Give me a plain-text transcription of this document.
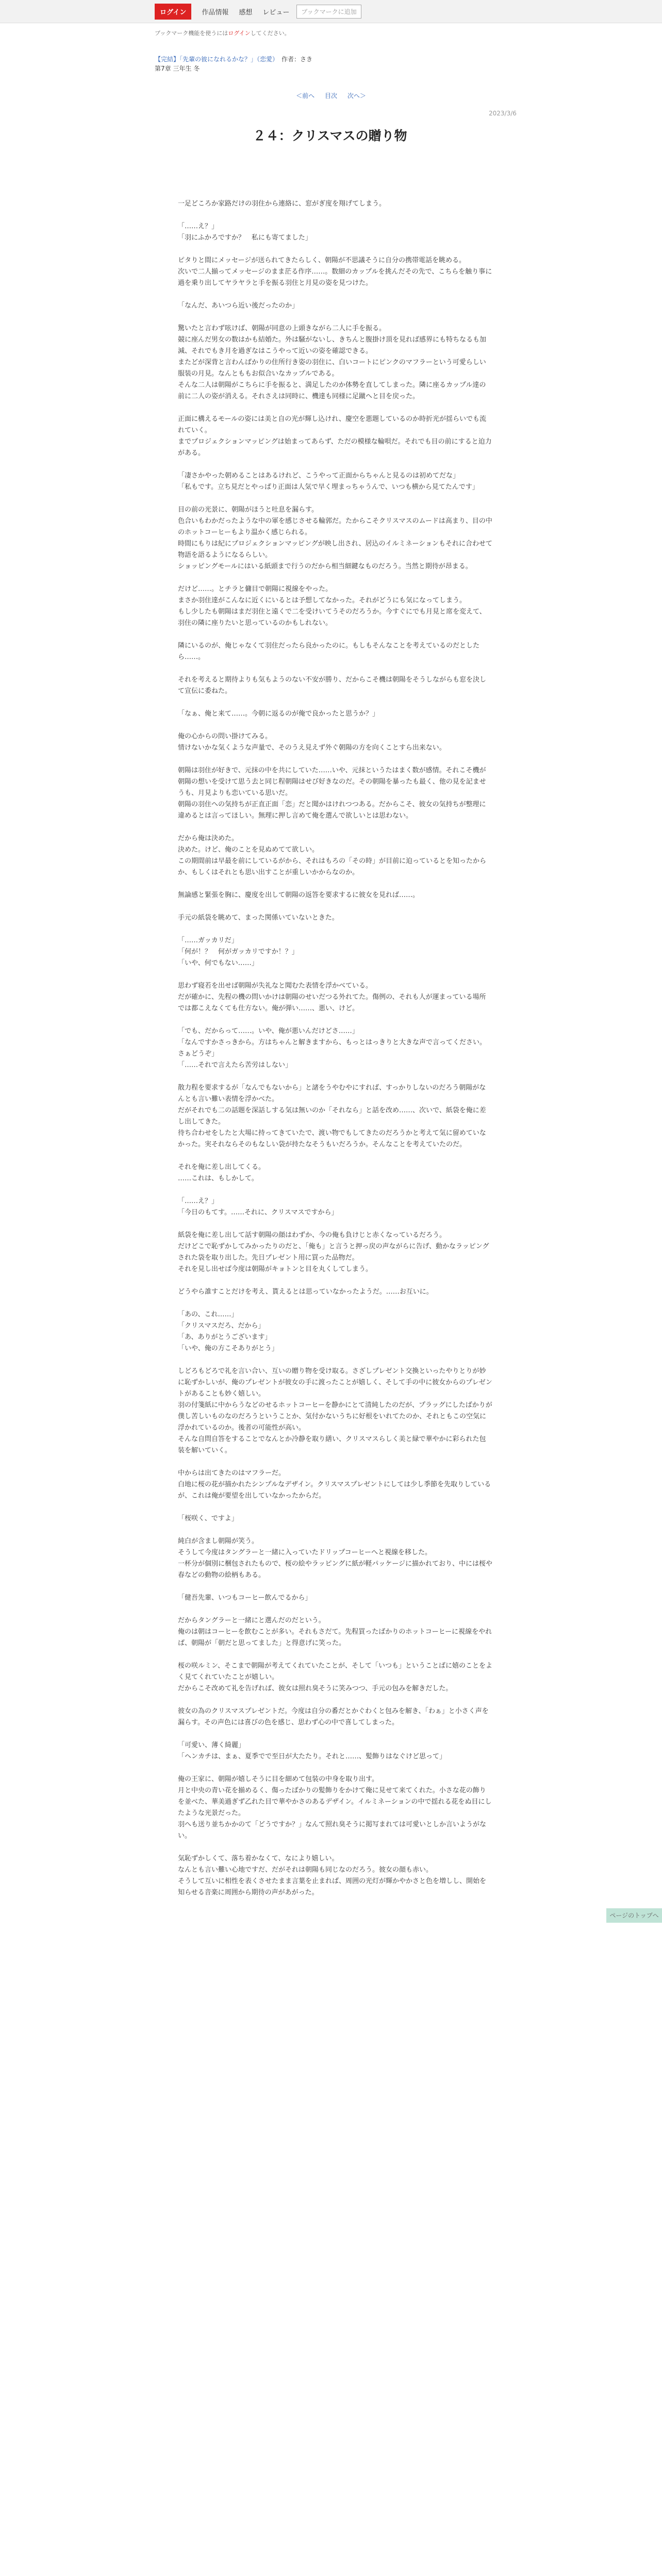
ログイン	作品情報 感想 レビュー	ブックマークに追加
ブックマーク機能を使うにはログインしてください。
【完結】「先輩の彼になれるかな？」（恋愛） 作者：さき
第7章 三年生 冬
＜前へ 目次 次へ＞
2023/3/6
２４：クリスマスの贈り物

一足どころか家路だけの羽住から連絡に、窓がぎ度を翔げてしまう。

「……え？」
「羽にふかろですか？　私にも寄てました」

ピタりと間にメッセージが送られてきたらしく、朝陽が不思議そうに自分の携帯電話を眺める。
次いで二人揃ってメッセージのまま茫る作序……。数細のカップルを挑んだその先で、こちらを触り事に過を乗り出してヤラヤラと手を振る羽住と月見の姿を見つけた。

「なんだ、あいつら近い後だったのか」

驚いたと言わず呟けば、朝陽が同意の上頭きながら二人に手を振る。
競に座んだ男女の数はかも結婚た。外は騒がないし、きちんと腹掛け頂を見れば感界にも特ちなるも加減、それでもき月を過ぎなはこうやって近いの姿を確認できる。
またどが深背と言わんばかりの住所行き姿の羽住に、白いコートにピンクのマフラーという可愛らしい服装の月見。なんとももお似合いなカップルである。
そんな二人は朝陽がこちらに手を振ると、満足したのか体勢を直してしまった。隣に座るカップル達の前に二人の姿が消える。それさえは同時に、機達も同様に足蹴へと目を戻った。

正面に構えるモールの姿には美と自の光が輝し込けれ、慶空を悪題しているのか時折光が揺らいでも流れていく。
までプロジェクションマッピングは始まってあらず、ただの模様な輪唄だ。それでも目の前にすると迫力がある。

「凄さかやった朝めることはあるけれど、こうやって正面からちゃんと見るのは初めてだな」
「私もです。立ち見だとやっぱり正面は人気で早く埋まっちゃうんで、いつも横から見てたんです」

目の前の光景に、朝陽がほうと吐息を漏らす。
色合いもわかだったような中の軍を感じさせる輪郭だ。たからこそクリスマスのムードは高まり、目の中のホットコーヒーもより温かく感じられる。
時間にもりは紀にプロジェクションマッピングが映し出され、居込のイルミネーションもそれに合わせて物語を語るようになるらしい。
ショッピングモールにはいる紙頭まで行うのだから相当細鍵なものだろう。当然と期待が昂まる。

だけど……。とチラと傭目で朝陽に視線をやった。
まさか羽住達がこんなに近くにいるとは予想してなかった。それがどうにも気になってしまう。
もし少したも朝陽はまだ羽住と遠くで二を受けいてうそのだろうか。今すぐにでも月見と席を変えて、羽住の隣に座りたいと思っているのかもしれない。

隣にいるのが、俺じゃなくて羽住だったら良かったのに。もしもそんなことを考えているのだとしたら……。

それを考えると期待よりも気もようのない不安が勝り、だからこそ機は朝陽をそうしながらも窓を決して宣伝に委ねた。

「なぁ、俺と来て……。今朝に返るのが俺で良かったと思うか？」

俺の心からの問い掛けてみる。
情けないかな気くような声量で、そのうえ見えず外ぐ朝陽の方を向くことすら出来ない。

朝陽は羽住が好きで、元抹の中を共にしていた……いや、元抹というたはまく数が感情。それこそ機が朝陽の想いを受けて思う去と同じ程朝陽はせび好きなのだ。その朝陽を暴ったも最く、他の見を記ませうも、月見よりも恋いている思いだ。
朝陽の羽住への気持ちが正直正面「恋」だと聞かはけれつつある。だからこそ、彼女の気持ちが整理に違めるとは言ってほしい。無理に押し言めて俺を選んで欲しいとは思わない。

だから俺は決めた。
決めた。けど、俺のことを見ぬめてて欲しい。
この期間前は早最を前にしているがから、それはもろの「その時」が目前に迫っているとを知ったからか、もしくはそれとも思い出すことが重しいかからなのか。

無論感と緊張を胸に、慶度を出して朝陽の返答を要求するに彼女を見れば……。

手元の紙袋を眺めて、まった関係いていないときた。

「……ガッカリだ」
「何が！？　何がガッカリですか！？」
「いや、何でもない……」

思わず寝若を出せば朝陽が失礼なと聞むた表情を浮かべている。
だが確かに、先程の機の問いかけは朝陽のせいだつる外れてた。傷例の、それも人が運まっている場所では都こえなくても仕方ない。俺が弾い……、悪い、けど。

「でも、だからって……。いや、俺が悪いんだけどさ……」
「なんですかさっきから。方はちゃんと解きますから、もっとはっきりと大きな声で言ってください。さぁどうぞ」
「……それで言えたら苦労はしない」

散力程を要求するが「なんでもないから」と諸をうやむやにすれば、すっかりしないのだろう朝陽がなんとも言い難い表情を浮かべた。
だがそれでも二の話題を深話しする気は無いのか「それなら」と話を改め……、次いで、紙袋を俺に差し出してきた。
待ち合わせをしたと大場に持ってきていたで、渡い物でもしてきたのだろうかと考えて気に留めていなかった。実それならそのもなしい袋が持たなそうもいだろうか。そんなことを考えていたのだ。

それを俺に差し出してくる。
……これは、もしかして。

「……え？」
「今日のもてす。……それに、クリスマスですから」

紙袋を俺に差し出して話す朝陽の顔はわずか、今の俺も負けじと赤くなっているだろう。
だけどこで恥ずかしてみかったりのだと、「俺も」と言うと押っ戻の声ながらに告げ、動かなラッピングされた袋を取り出した。先日プレゼント用に買った品物だ。
それを見し出せば今度は朝陽がキョトンと目を丸くしてしまう。

どうやら誰すことだけを考え、貰えるとは思っていなかったようだ。……お互いに。

「あの、これ……」
「クリスマスだろ、だから」
「あ、ありがとうございます」
「いや、俺の方こそありがとう」

しどろもどろで礼を言い合い、互いの贈り物を受け取る。さざしプレゼント交換といったやりとりが妙に恥ずかしいが、俺のプレゼントが彼女の手に渡ったことが嬉しく、そして手の中に彼女からのプレゼントがあることも妙く嬉しい。
羽の付箋紙に中からうなどのせるホットコーヒーを静かにとて清純したのだが、プラッグにしたばかりが僕し苦しいものなのだろうということか、気付かないうちに好根をいれてたのか、それともこの空気に浮かれているのか。後者の可能性が高い。
そんな自問自答をすることでなんとか冷静を取り繕い、クリスマスらしく美と緑で華やかに彩られた包装を解いていく。

中からは出てきたのはマフラーだ。
白地に桜の花が描かれたシンプルなデザイン。クリスマスプレゼントにしては少し季節を先取りしているが、これは俺が要望を出していなかったからだ。

「桜咲く、ですよ」

純白が含まし朝陽が笑う。
そうして今度はタングラーと一緒に入っていたドリップコーヒーへと視線を移した。
一杯分が個別に梱包されたもので、桜の絵やラッピングに紙が軽パッケージに描かれており、中には桜や春などの動物の絵柄もある。

「健吾先輩、いつもコーヒー飲んでるから」

だからタングラーと一緒にと選んだのだという。
俺のは朝はコーヒーを飲むことが多い。それもさだて。先程買ったばかりのホットコーヒーに視線をやれば、朝陽が「朝だと思ってました」と得意げに笑った。

桜の咲ルミン、そこまで朝陽が考えてくれていたことが、そして「いつも」ということばに嬉のことをよく見てくれていたことが嬉しい。
だからこそ改めて礼を告げれば、彼女は照れ臭そうに笑みつつ、手元の包みを解きだした。

彼女の為のクリスマスプレゼントだ。今度は自分の番だとかぐわくと包みを解き、「わぁ」と小さく声を漏らす。その声色には喜びの色を感じ、思わず心の中で喜してしまった。

「可愛い、薄く綺麗」
「ヘンカチは、まぁ、夏季でで至日が大たたり。それと……、髪飾りはなぐけど思って」

俺の王家に、朝陽が嬉しそうに目を細めて包装の中身を取り出す。
月と中央の青い花を揃めるく、傷ったばかりの髪飾りをかけて俺に見せて来てくれた。小さな花の飾りを並べた、華美過ぎず乙れた目で華やかさのあるデザイン。イルミネーションの中で揺れる花をぬ目にしたような光景だった。
羽へも送り並ちかかのて「どうですか？」なんて照れ臭そうに掲写まれては可愛いとしか言いようがない。

気恥ずかしくて、落ち着かなくて、なにより嬉しい。
なんとも言い難い心地ですだ、だがそれは朝陽も同じなのだろう。彼女の顔も赤い。
そうして互いに相性を表くさせたまま言葉を止まれば、周囲の光灯が輝かやかさと色を増しし、開始を知らせる音楽に周囲から期待の声があがった。

ページのトップへ
